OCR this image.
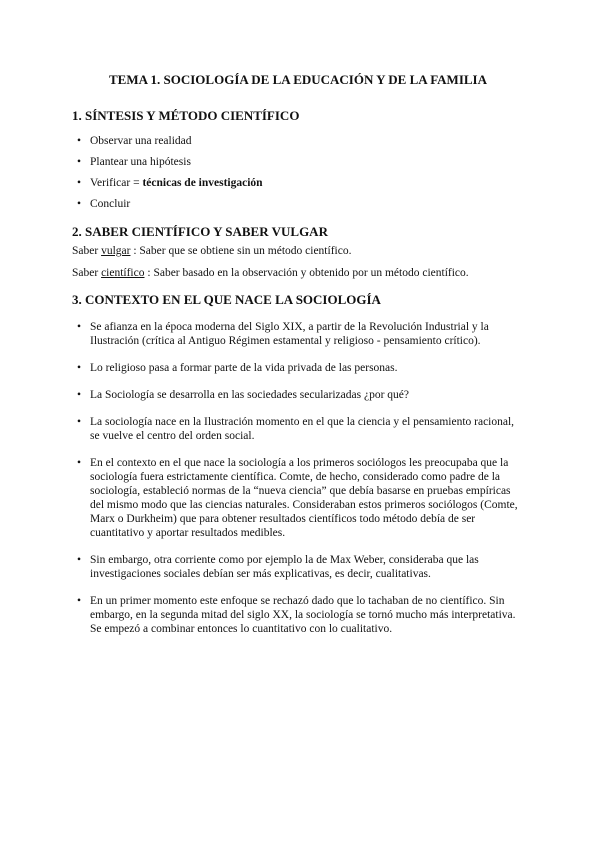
TEMA 1. SOCIOLOGÍA DE LA EDUCACIÓN Y DE LA FAMILIA
1. SÍNTESIS Y MÉTODO CIENTÍFICO
• Observar una realidad
• Plantear una hipótesis
• Verificar = técnicas de investigación
• Concluir
2. SABER CIENTÍFICO Y SABER VULGAR
Saber vulgar : Saber que se obtiene sin un método científico.
Saber científico : Saber basado en la observación y obtenido por un método científico.
3. CONTEXTO EN EL QUE NACE LA SOCIOLOGÍA
• Se afianza en la época moderna del Siglo XIX, a partir de la Revolución Industrial y la Ilustración (crítica al Antiguo Régimen estamental y religioso - pensamiento crítico).
• Lo religioso pasa a formar parte de la vida privada de las personas.
• La Sociología se desarrolla en las sociedades secularizadas ¿por qué?
• La sociología nace en la Ilustración momento en el que la ciencia y el pensamiento racional, se vuelve el centro del orden social.
• En el contexto en el que nace la sociología a los primeros sociólogos les preocupaba que la sociología fuera estrictamente científica. Comte, de hecho, considerado como padre de la sociología, estableció normas de la “nueva ciencia” que debía basarse en pruebas empíricas del mismo modo que las ciencias naturales. Consideraban estos primeros sociólogos (Comte, Marx o Durkheim) que para obtener resultados científicos todo método debía de ser cuantitativo y aportar resultados medibles.
• Sin embargo, otra corriente como por ejemplo la de Max Weber, consideraba que las investigaciones sociales debían ser más explicativas, es decir, cualitativas.
• En un primer momento este enfoque se rechazó dado que lo tachaban de no científico. Sin embargo, en la segunda mitad del siglo XX, la sociología se tornó mucho más interpretativa. Se empezó a combinar entonces lo cuantitativo con lo cualitativo.
